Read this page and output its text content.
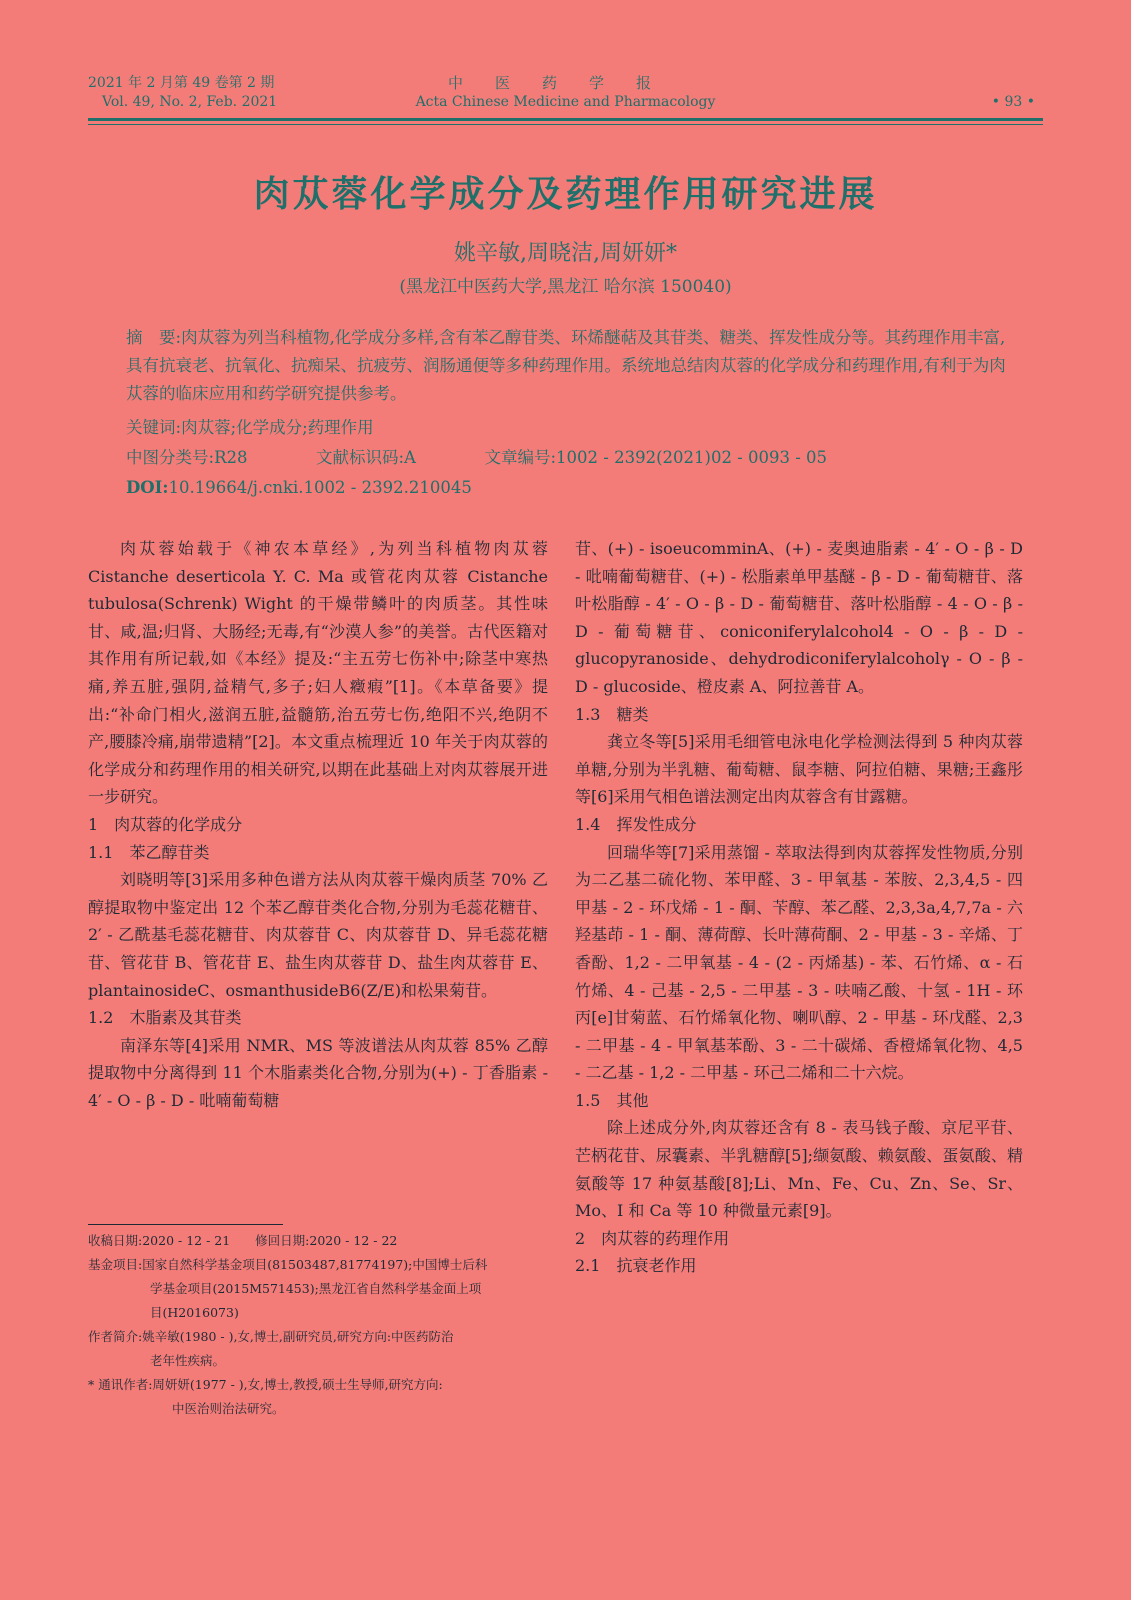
2021 年 2 月第 49 卷第 2 期
Vol. 49, No. 2, Feb. 2021
中医药学报
Acta Chinese Medicine and Pharmacology	• 93 •
肉苁蓉化学成分及药理作用研究进展
姚辛敏,周晓洁,周妍妍*
(黑龙江中医药大学,黑龙江 哈尔滨 150040)

摘　要:肉苁蓉为列当科植物,化学成分多样,含有苯乙醇苷类、环烯醚萜及其苷类、糖类、挥发性成分等。其药理作用丰富,具有抗衰老、抗氧化、抗痴呆、抗疲劳、润肠通便等多种药理作用。系统地总结肉苁蓉的化学成分和药理作用,有利于为肉苁蓉的临床应用和药学研究提供参考。

关键词:肉苁蓉;化学成分;药理作用
中图分类号:R28	文献标识码:A	文章编号:1002 - 2392(2021)02 - 0093 - 05
DOI:10.19664/j.cnki.1002 - 2392.210045

肉苁蓉始载于《神农本草经》,为列当科植物肉苁蓉 Cistanche deserticola Y. C. Ma 或管花肉苁蓉 Cistanche tubulosa(Schrenk) Wight 的干燥带鳞叶的肉质茎。其性味甘、咸,温;归肾、大肠经;无毒,有“沙漠人参”的美誉。古代医籍对其作用有所记载,如《本经》提及:“主五劳七伤补中;除茎中寒热痛,养五脏,强阴,益精气,多子;妇人癥瘕”[1]。《本草备要》提出:“补命门相火,滋润五脏,益髓筋,治五劳七伤,绝阳不兴,绝阴不产,腰膝冷痛,崩带遗精”[2]。本文重点梳理近 10 年关于肉苁蓉的化学成分和药理作用的相关研究,以期在此基础上对肉苁蓉展开进一步研究。

1　肉苁蓉的化学成分

1.1　苯乙醇苷类

刘晓明等[3]采用多种色谱方法从肉苁蓉干燥肉质茎 70% 乙醇提取物中鉴定出 12 个苯乙醇苷类化合物,分别为毛蕊花糖苷、2′ - 乙酰基毛蕊花糖苷、肉苁蓉苷 C、肉苁蓉苷 D、异毛蕊花糖苷、管花苷 B、管花苷 E、盐生肉苁蓉苷 D、盐生肉苁蓉苷 E、plantainosideC、osmanthusideB6(Z/E)和松果菊苷。

1.2　木脂素及其苷类

南泽东等[4]采用 NMR、MS 等波谱法从肉苁蓉 85% 乙醇提取物中分离得到 11 个木脂素类化合物,分别为(+) - 丁香脂素 - 4′ - O - β - D - 吡喃葡萄糖

苷、(+) - isoeucomminA、(+) - 麦奥迪脂素 - 4′ - O - β - D - 吡喃葡萄糖苷、(+) - 松脂素单甲基醚 - β - D - 葡萄糖苷、落叶松脂醇 - 4′ - O - β - D - 葡萄糖苷、落叶松脂醇 - 4 - O - β - D - 葡萄糖苷、coniconiferylalcohol4 - O - β - D - glucopyranoside、dehydrodiconiferylalcoholγ - O - β - D - glucoside、橙皮素 A、阿拉善苷 A。

1.3　糖类

龚立冬等[5]采用毛细管电泳电化学检测法得到 5 种肉苁蓉单糖,分别为半乳糖、葡萄糖、鼠李糖、阿拉伯糖、果糖;王鑫彤等[6]采用气相色谱法测定出肉苁蓉含有甘露糖。

1.4　挥发性成分

回瑞华等[7]采用蒸馏 - 萃取法得到肉苁蓉挥发性物质,分别为二乙基二硫化物、苯甲醛、3 - 甲氧基 - 苯胺、2,3,4,5 - 四甲基 - 2 - 环戊烯 - 1 - 酮、苄醇、苯乙醛、2,3,3a,4,7,7a - 六羟基茚 - 1 - 酮、薄荷醇、长叶薄荷酮、2 - 甲基 - 3 - 辛烯、丁香酚、1,2 - 二甲氧基 - 4 - (2 - 丙烯基) - 苯、石竹烯、α - 石竹烯、4 - 己基 - 2,5 - 二甲基 - 3 - 呋喃乙酸、十氢 - 1H - 环丙[e]甘菊蓝、石竹烯氧化物、喇叭醇、2 - 甲基 - 环戊醛、2,3 - 二甲基 - 4 - 甲氧基苯酚、3 - 二十碳烯、香橙烯氧化物、4,5 - 二乙基 - 1,2 - 二甲基 - 环己二烯和二十六烷。

1.5　其他

除上述成分外,肉苁蓉还含有 8 - 表马钱子酸、京尼平苷、芒柄花苷、尿囊素、半乳糖醇[5];缬氨酸、赖氨酸、蛋氨酸、精氨酸等 17 种氨基酸[8];Li、Mn、Fe、Cu、Zn、Se、Sr、Mo、I 和 Ca 等 10 种微量元素[9]。

2　肉苁蓉的药理作用

2.1　抗衰老作用

收稿日期:2020 - 12 - 21　　修回日期:2020 - 12 - 22

基金项目:国家自然科学基金项目(81503487,81774197);中国博士后科

学基金项目(2015M571453);黑龙江省自然科学基金面上项

目(H2016073)

作者简介:姚辛敏(1980 - ),女,博士,副研究员,研究方向:中医药防治

老年性疾病。

* 通讯作者:周妍妍(1977 - ),女,博士,教授,硕士生导师,研究方向:

中医治则治法研究。
